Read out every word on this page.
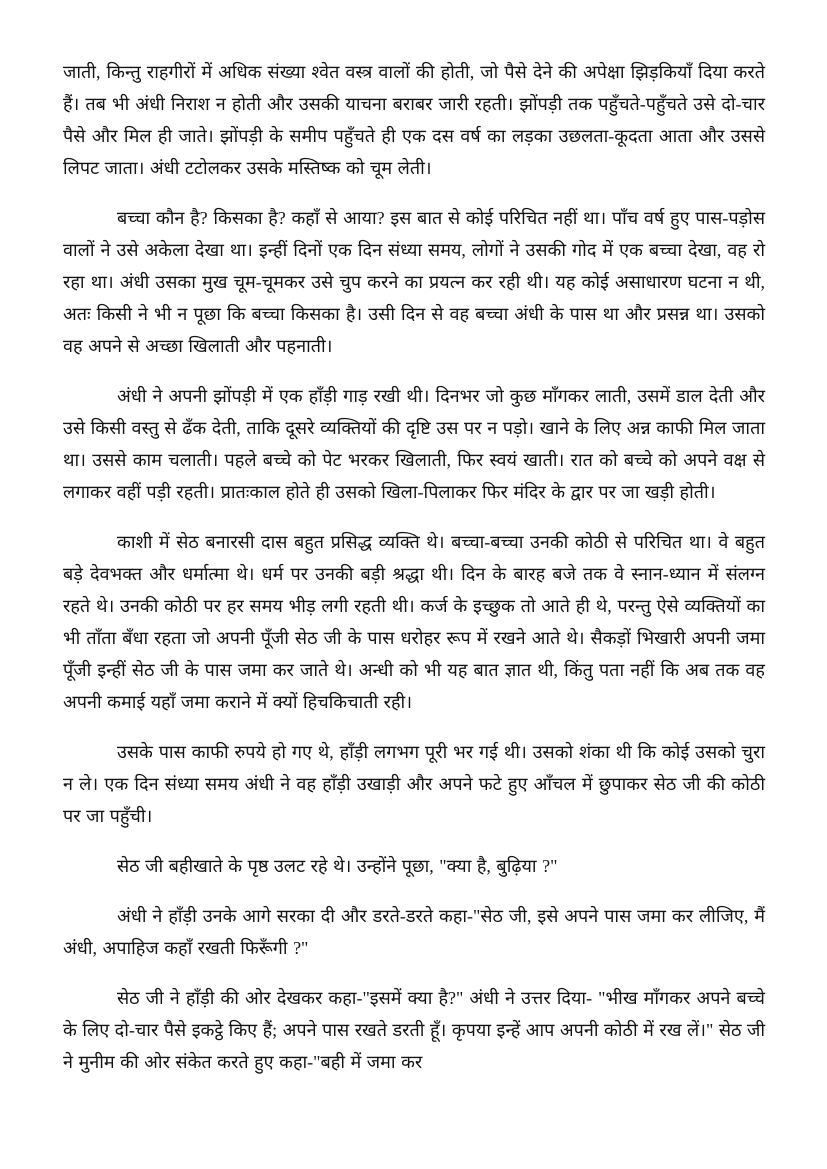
जाती, किन्तु राहगीरों में अधिक संख्या श्वेत वस्त्र वालों की होती, जो पैसे देने की अपेक्षा झिड़कियाँ दिया करते हैं। तब भी अंधी निराश न होती और उसकी याचना बराबर जारी रहती। झोंपड़ी तक पहुँचते-पहुँचते उसे दो-चार पैसे और मिल ही जाते। झोंपड़ी के समीप पहुँचते ही एक दस वर्ष का लड़का उछलता-कूदता आता और उससे लिपट जाता। अंधी टटोलकर उसके मस्तिष्क को चूम लेती।

बच्चा कौन है? किसका है? कहाँ से आया? इस बात से कोई परिचित नहीं था। पाँच वर्ष हुए पास-पड़ोस वालों ने उसे अकेला देखा था। इन्हीं दिनों एक दिन संध्या समय, लोगों ने उसकी गोद में एक बच्चा देखा, वह रो रहा था। अंधी उसका मुख चूम-चूमकर उसे चुप करने का प्रयत्न कर रही थी। यह कोई असाधारण घटना न थी, अतः किसी ने भी न पूछा कि बच्चा किसका है। उसी दिन से वह बच्चा अंधी के पास था और प्रसन्न था। उसको वह अपने से अच्छा खिलाती और पहनाती।

अंधी ने अपनी झोंपड़ी में एक हाँड़ी गाड़ रखी थी। दिनभर जो कुछ माँगकर लाती, उसमें डाल देती और उसे किसी वस्तु से ढँक देती, ताकि दूसरे व्यक्तियों की दृष्टि उस पर न पड़ो। खाने के लिए अन्न काफी मिल जाता था। उससे काम चलाती। पहले बच्चे को पेट भरकर खिलाती, फिर स्वयं खाती। रात को बच्चे को अपने वक्ष से लगाकर वहीं पड़ी रहती। प्रातःकाल होते ही उसको खिला-पिलाकर फिर मंदिर के द्वार पर जा खड़ी होती।

काशी में सेठ बनारसी दास बहुत प्रसिद्ध व्यक्ति थे। बच्चा-बच्चा उनकी कोठी से परिचित था। वे बहुत बड़े देवभक्त और धर्मात्मा थे। धर्म पर उनकी बड़ी श्रद्धा थी। दिन के बारह बजे तक वे स्नान-ध्यान में संलग्न रहते थे। उनकी कोठी पर हर समय भीड़ लगी रहती थी। कर्ज के इच्छुक तो आते ही थे, परन्तु ऐसे व्यक्तियों का भी ताँता बँधा रहता जो अपनी पूँजी सेठ जी के पास धरोहर रूप में रखने आते थे। सैकड़ों भिखारी अपनी जमा पूँजी इन्हीं सेठ जी के पास जमा कर जाते थे। अन्धी को भी यह बात ज्ञात थी, किंतु पता नहीं कि अब तक वह अपनी कमाई यहाँ जमा कराने में क्यों हिचकिचाती रही।

उसके पास काफी रुपये हो गए थे, हाँड़ी लगभग पूरी भर गई थी। उसको शंका थी कि कोई उसको चुरा न ले। एक दिन संध्या समय अंधी ने वह हाँड़ी उखाड़ी और अपने फटे हुए आँचल में छुपाकर सेठ जी की कोठी पर जा पहुँची।

सेठ जी बहीखाते के पृष्ठ उलट रहे थे। उन्होंने पूछा, "क्या है, बुढ़िया ?"

अंधी ने हाँड़ी उनके आगे सरका दी और डरते-डरते कहा-"सेठ जी, इसे अपने पास जमा कर लीजिए, मैं अंधी, अपाहिज कहाँ रखती फिरूँगी ?"

सेठ जी ने हाँड़ी की ओर देखकर कहा-"इसमें क्या है?" अंधी ने उत्तर दिया- "भीख माँगकर अपने बच्चे के लिए दो-चार पैसे इकट्ठे किए हैं; अपने पास रखते डरती हूँ। कृपया इन्हें आप अपनी कोठी में रख लें।" सेठ जी ने मुनीम की ओर संकेत करते हुए कहा-"बही में जमा कर
